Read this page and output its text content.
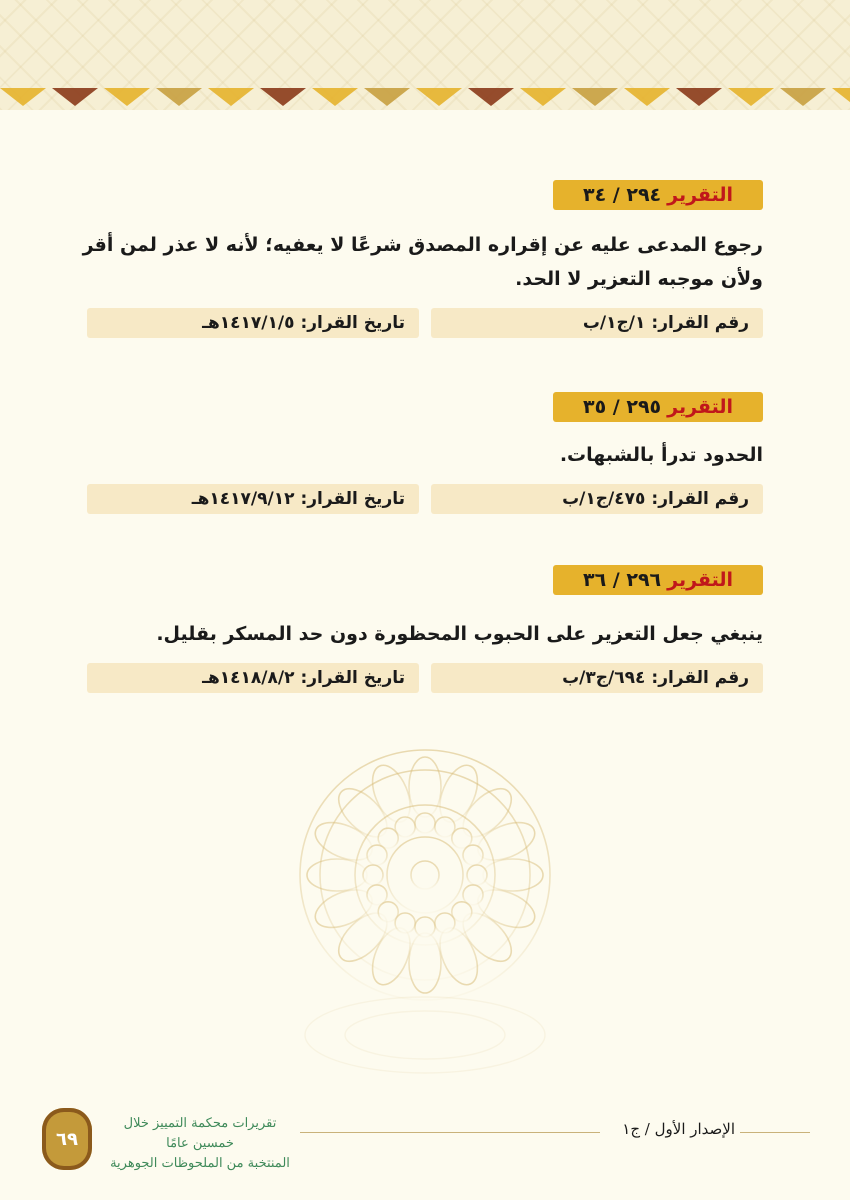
التقرير
٢٩٤ / ٣٤
رجوع المدعى عليه عن إقراره المصدق شرعًا لا يعفيه؛ لأنه لا عذر لمن أقر ولأن موجبه التعزير لا الحد.
رقم القرار:
١/ج١/ب
تاريخ القرار:
١٤١٧/١/٥هـ
التقرير
٢٩٥ / ٣٥
الحدود تدرأ بالشبهات.
رقم القرار:
٤٧٥/ج١/ب
تاريخ القرار:
١٤١٧/٩/١٢هـ
التقرير
٢٩٦ / ٣٦
ينبغي جعل التعزير على الحبوب المحظورة دون حد المسكر بقليل.
رقم القرار:
٦٩٤/ج٣/ب
تاريخ القرار:
١٤١٨/٨/٢هـ
٦٩
تقريرات محكمة التمييز خلال خمسين عامًا
المنتخبة من الملحوظات الجوهرية
الإصدار الأول / ج١
